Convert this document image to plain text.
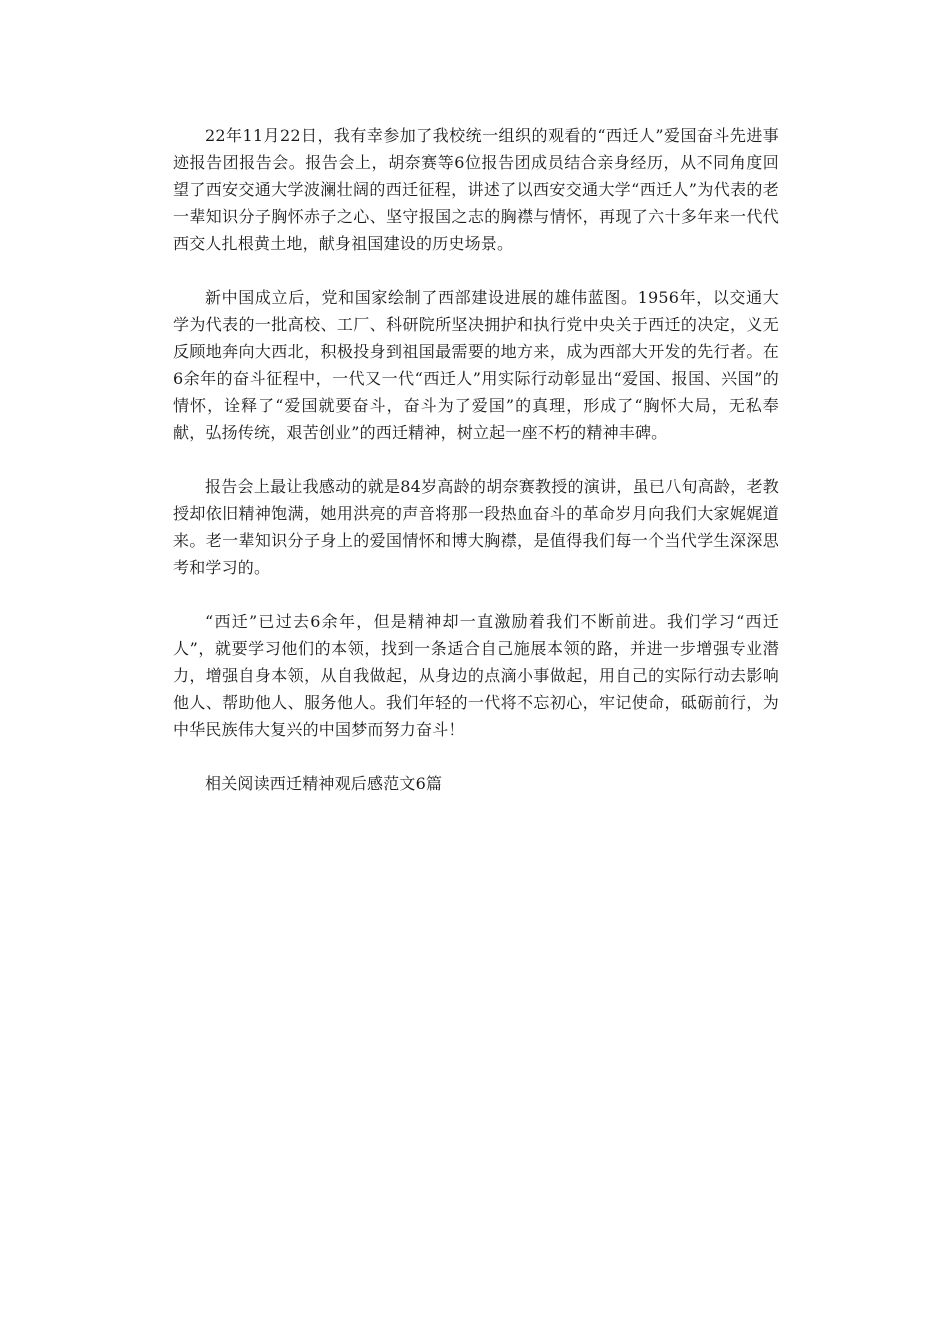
22年11月22日，我有幸参加了我校统一组织的观看的“西迁人”爱国奋斗先进事迹报告团报告会。报告会上，胡奈赛等6位报告团成员结合亲身经历，从不同角度回望了西安交通大学波澜壮阔的西迁征程，讲述了以西安交通大学“西迁人”为代表的老一辈知识分子胸怀赤子之心、坚守报国之志的胸襟与情怀，再现了六十多年来一代代西交人扎根黄土地，献身祖国建设的历史场景。

新中国成立后，党和国家绘制了西部建设进展的雄伟蓝图。1956年，以交通大学为代表的一批高校、工厂、科研院所坚决拥护和执行党中央关于西迁的决定，义无反顾地奔向大西北，积极投身到祖国最需要的地方来，成为西部大开发的先行者。在6余年的奋斗征程中，一代又一代“西迁人”用实际行动彰显出“爱国、报国、兴国”的情怀，诠释了“爱国就要奋斗，奋斗为了爱国”的真理，形成了“胸怀大局，无私奉献，弘扬传统，艰苦创业”的西迁精神，树立起一座不朽的精神丰碑。

报告会上最让我感动的就是84岁高龄的胡奈赛教授的演讲，虽已八旬高龄，老教授却依旧精神饱满，她用洪亮的声音将那一段热血奋斗的革命岁月向我们大家娓娓道来。老一辈知识分子身上的爱国情怀和博大胸襟，是值得我们每一个当代学生深深思考和学习的。

“西迁”已过去6余年，但是精神却一直激励着我们不断前进。我们学习“西迁人”，就要学习他们的本领，找到一条适合自己施展本领的路，并进一步增强专业潜力，增强自身本领，从自我做起，从身边的点滴小事做起，用自己的实际行动去影响他人、帮助他人、服务他人。我们年轻的一代将不忘初心，牢记使命，砥砺前行，为中华民族伟大复兴的中国梦而努力奋斗！

相关阅读西迁精神观后感范文6篇
